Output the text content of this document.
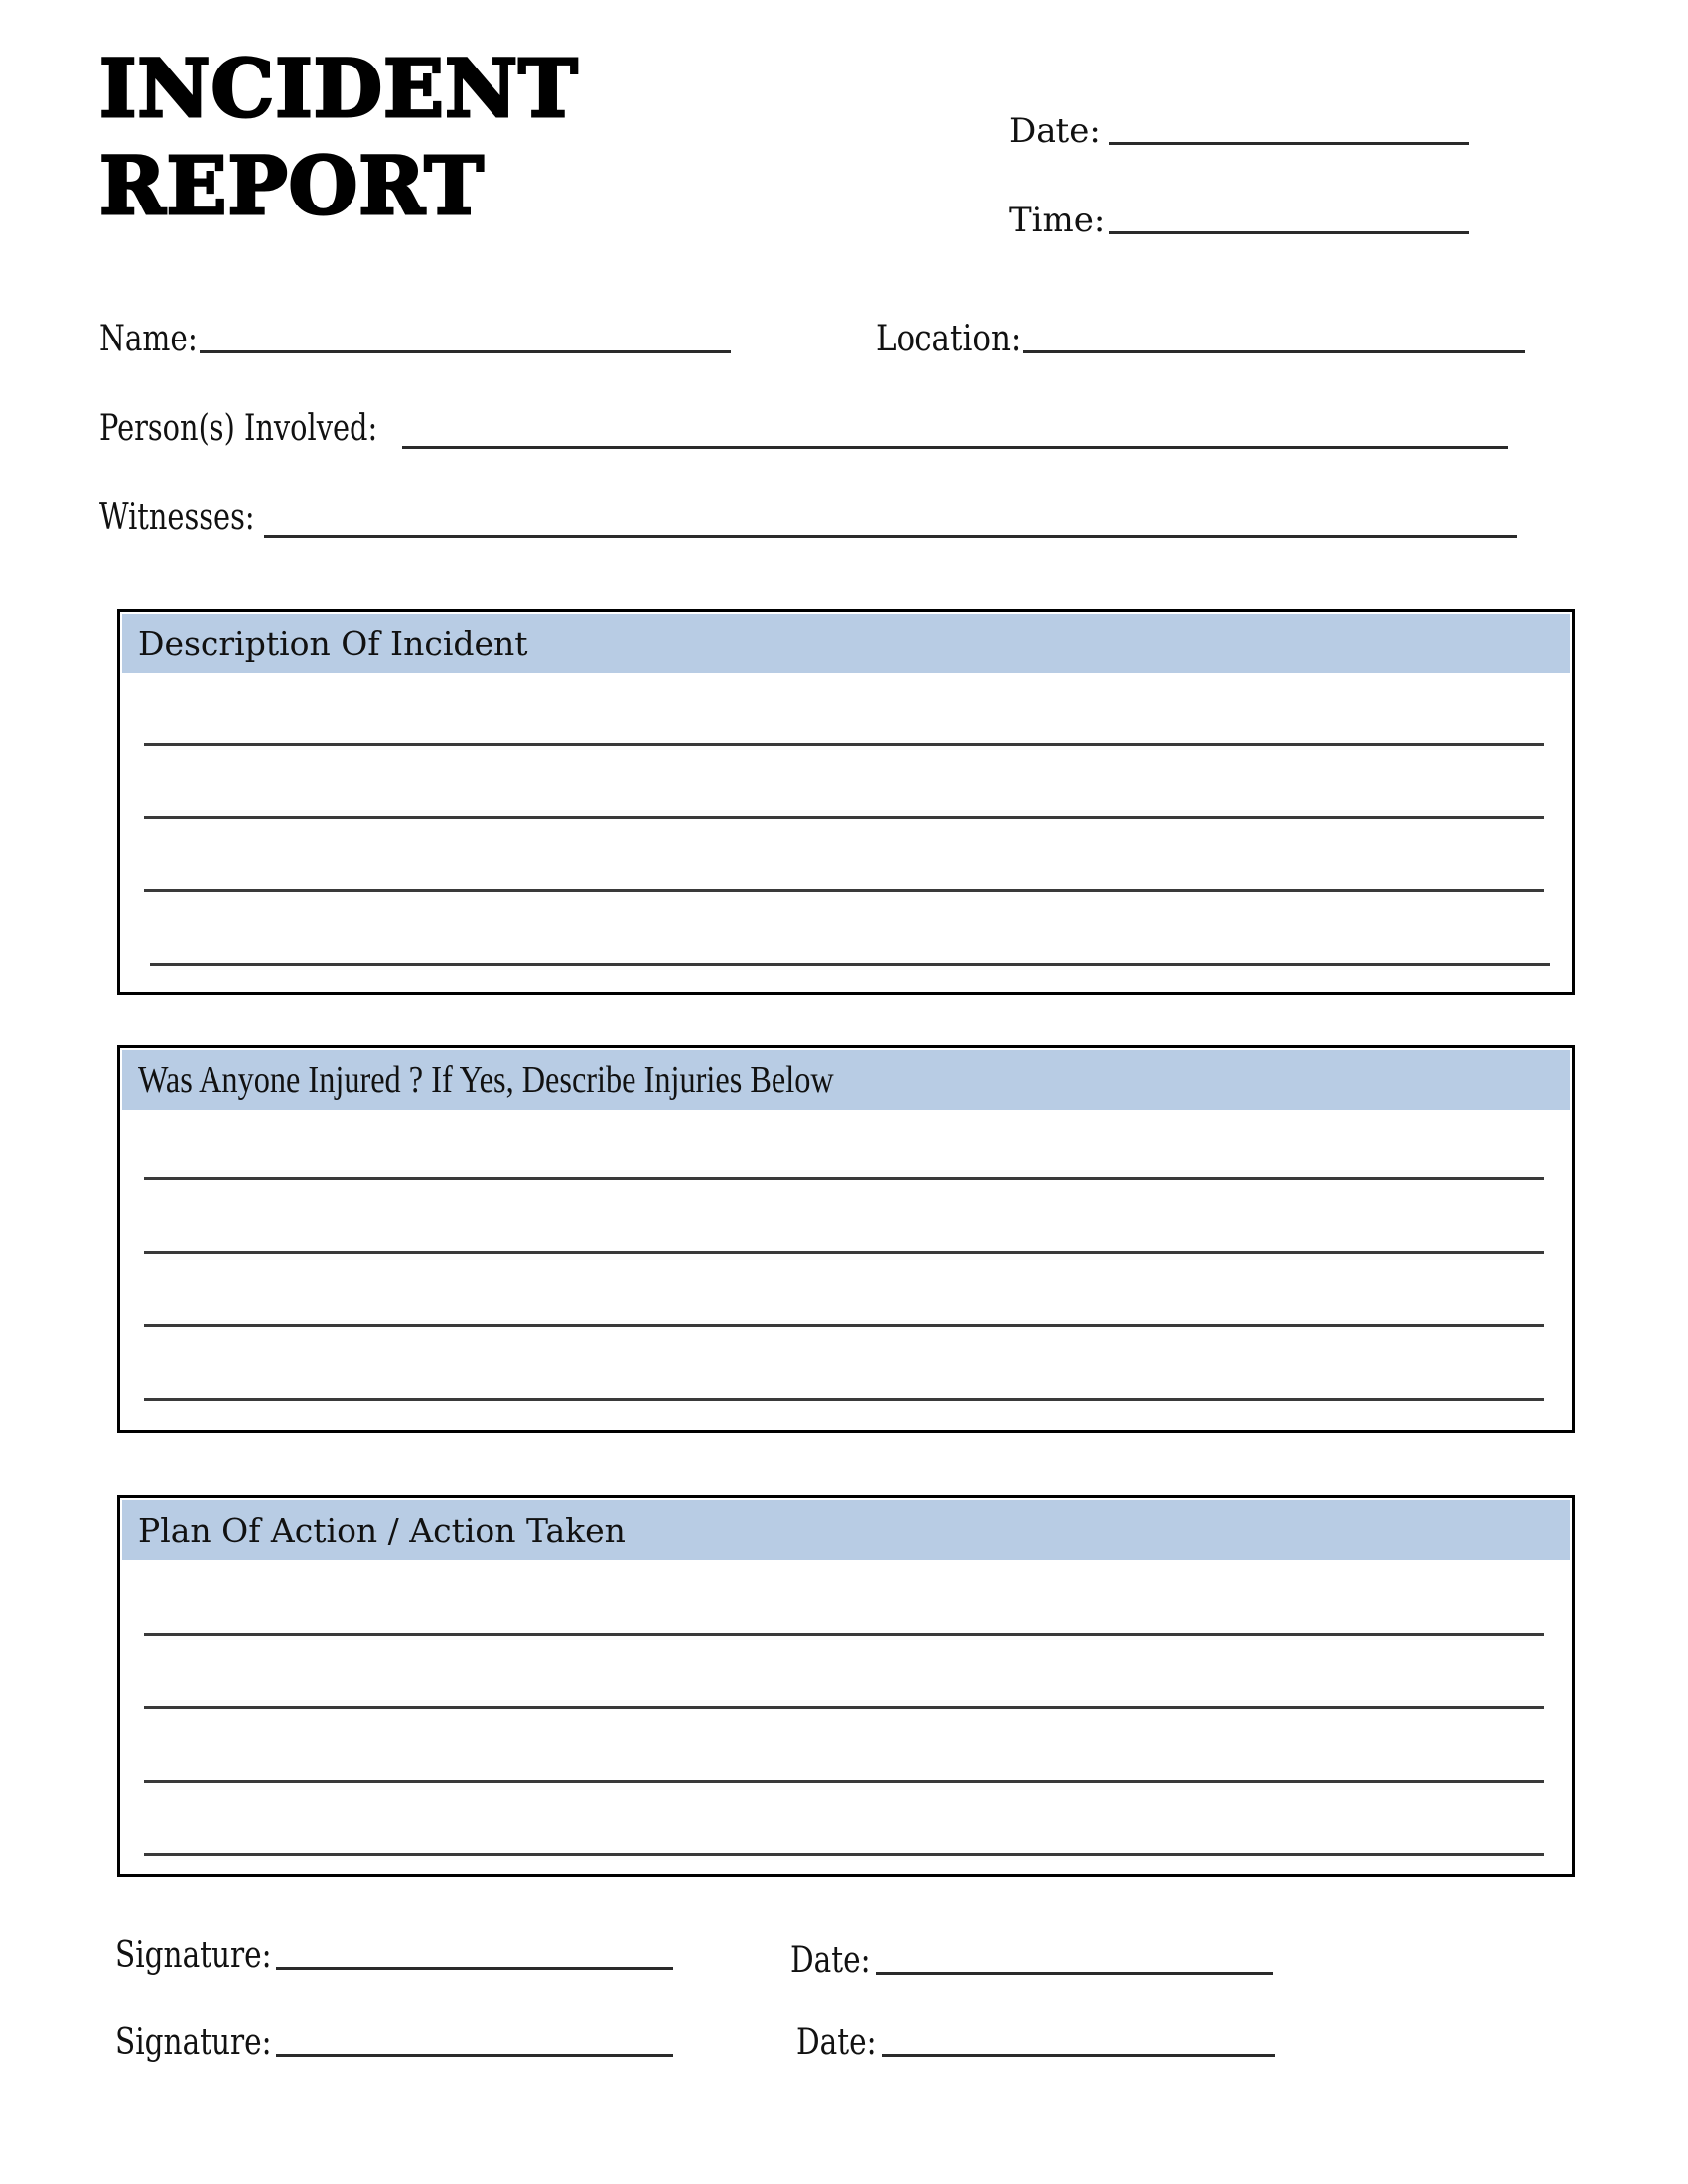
INCIDENT
REPORT
Date:
Time:
Name:	Location:
Person(s) Involved:
Witnesses:
Description Of Incident
Was Anyone Injured ? If Yes, Describe Injuries Below
Plan Of Action / Action Taken
Signature:	Date:
Signature:	Date:
